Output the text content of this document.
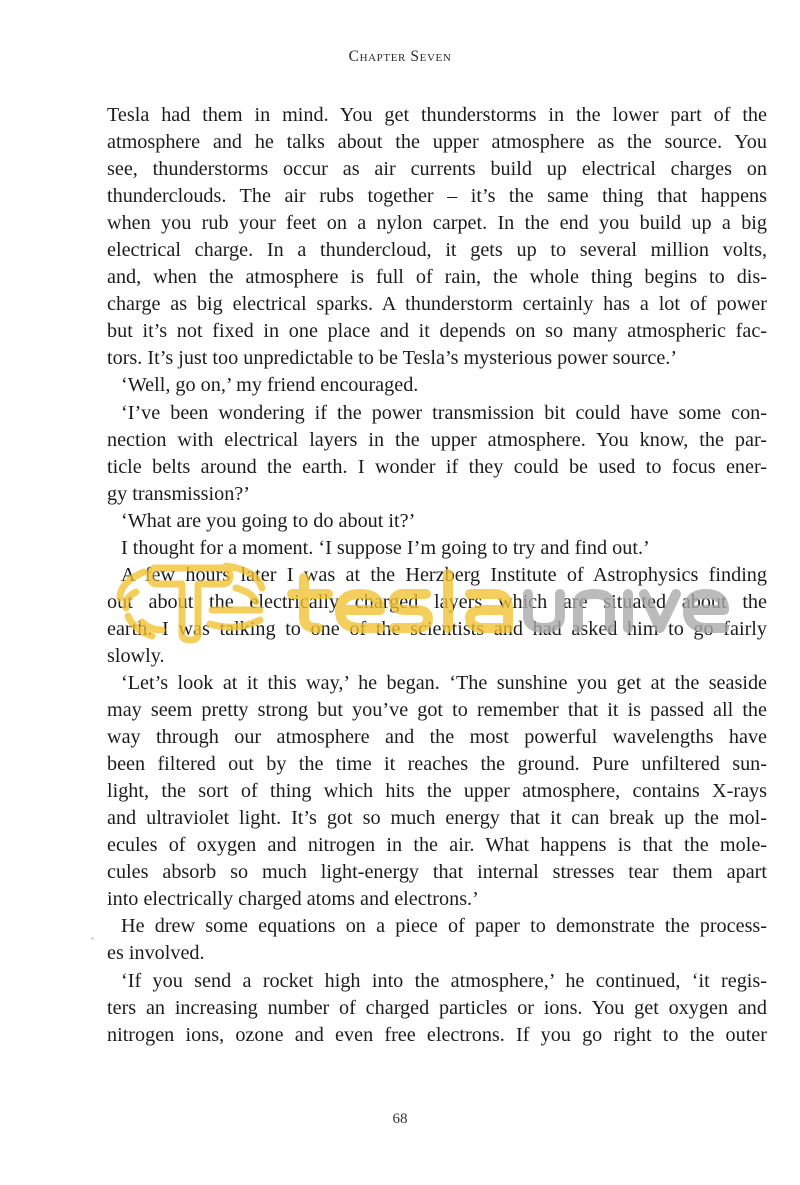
Chapter Seven
Tesla had them in mind. You get thunderstorms in the lower part of the
atmosphere and he talks about the upper atmosphere as the source. You
see, thunderstorms occur as air currents build up electrical charges on
thunderclouds. The air rubs together – it’s the same thing that happens
when you rub your feet on a nylon carpet. In the end you build up a big
electrical charge. In a thundercloud, it gets up to several million volts,
and, when the atmosphere is full of rain, the whole thing begins to dis-
charge as big electrical sparks. A thunderstorm certainly has a lot of power
but it’s not fixed in one place and it depends on so many atmospheric fac-
tors. It’s just too unpredictable to be Tesla’s mysterious power source.’
‘Well, go on,’ my friend encouraged.
‘I’ve been wondering if the power transmission bit could have some con-
nection with electrical layers in the upper atmosphere. You know, the par-
ticle belts around the earth. I wonder if they could be used to focus ener-
gy transmission?’
‘What are you going to do about it?’
I thought for a moment. ‘I suppose I’m going to try and find out.’
A few hours later I was at the Herzberg Institute of Astrophysics finding
out about the electrically charged layers which are situated about the
earth. I was talking to one of the scientists and had asked him to go fairly
slowly.
‘Let’s look at it this way,’ he began. ‘The sunshine you get at the seaside
may seem pretty strong but you’ve got to remember that it is passed all the
way through our atmosphere and the most powerful wavelengths have
been filtered out by the time it reaches the ground. Pure unfiltered sun-
light, the sort of thing which hits the upper atmosphere, contains X-rays
and ultraviolet light. It’s got so much energy that it can break up the mol-
ecules of oxygen and nitrogen in the air. What happens is that the mole-
cules absorb so much light-energy that internal stresses tear them apart
into electrically charged atoms and electrons.’
He drew some equations on a piece of paper to demonstrate the process-
es involved.
‘If you send a rocket high into the atmosphere,’ he continued, ‘it regis-
ters an increasing number of charged particles or ions. You get oxygen and
nitrogen ions, ozone and even free electrons. If you go right to the outer
68
